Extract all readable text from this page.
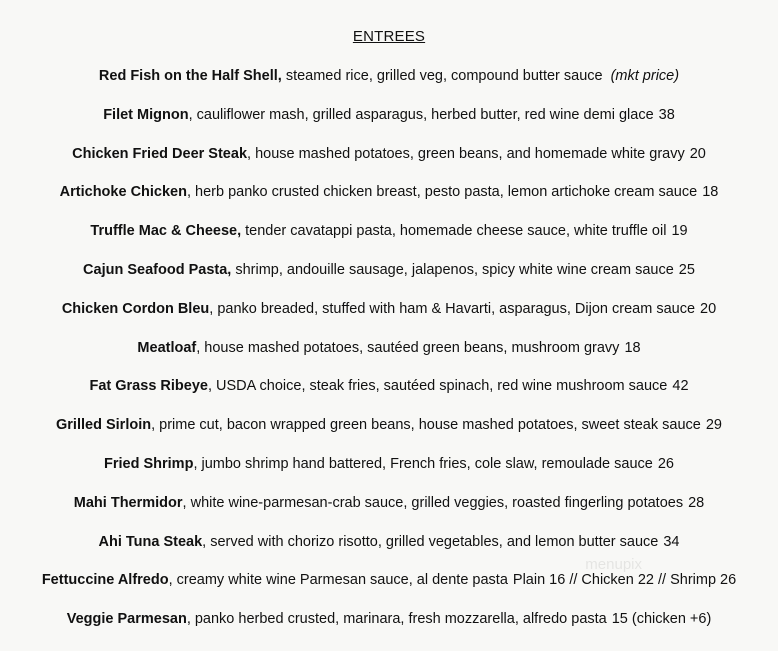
ENTREES
Red Fish on the Half Shell, steamed rice, grilled veg, compound butter sauce (mkt price)
Filet Mignon, cauliflower mash, grilled asparagus, herbed butter, red wine demi glace 38
Chicken Fried Deer Steak, house mashed potatoes, green beans, and homemade white gravy 20
Artichoke Chicken, herb panko crusted chicken breast, pesto pasta, lemon artichoke cream sauce 18
Truffle Mac & Cheese, tender cavatappi pasta, homemade cheese sauce, white truffle oil 19
Cajun Seafood Pasta, shrimp, andouille sausage, jalapenos, spicy white wine cream sauce 25
Chicken Cordon Bleu, panko breaded, stuffed with ham & Havarti, asparagus, Dijon cream sauce 20
Meatloaf, house mashed potatoes, sautéed green beans, mushroom gravy 18
Fat Grass Ribeye, USDA choice, steak fries, sautéed spinach, red wine mushroom sauce 42
Grilled Sirloin, prime cut, bacon wrapped green beans, house mashed potatoes, sweet steak sauce 29
Fried Shrimp, jumbo shrimp hand battered, French fries, cole slaw, remoulade sauce 26
Mahi Thermidor, white wine-parmesan-crab sauce, grilled veggies, roasted fingerling potatoes 28
Ahi Tuna Steak, served with chorizo risotto, grilled vegetables, and lemon butter sauce 34
Fettuccine Alfredo, creamy white wine Parmesan sauce, al dente pasta Plain 16 // Chicken 22 // Shrimp 26
Veggie Parmesan, panko herbed crusted, marinara, fresh mozzarella, alfredo pasta 15 (chicken +6)
menupix
